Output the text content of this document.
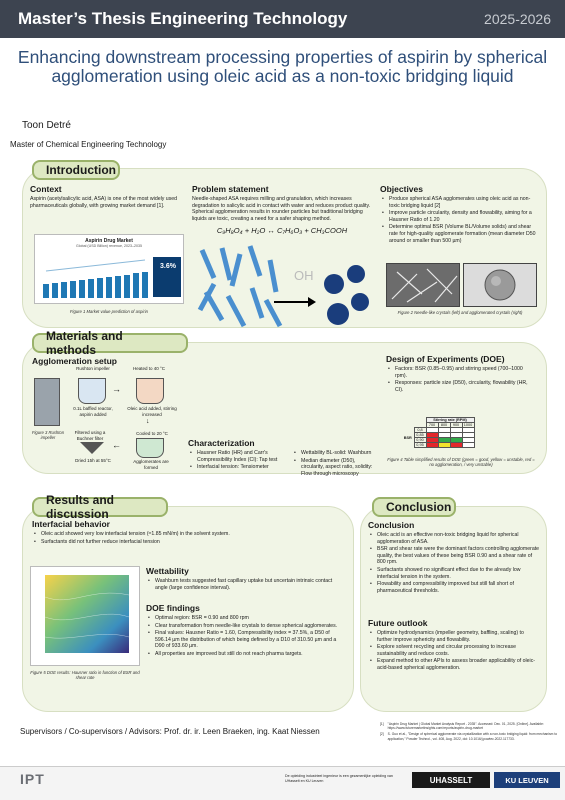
Master’s Thesis Engineering Technology	2025-2026
Enhancing downstream processing properties of aspirin by spherical agglomeration using oleic acid as a non-toxic bridging liquid
Toon Detré
Master of Chemical Engineering Technology
Introduction
Context
Aspirin (acetylsalicylic acid, ASA) is one of the most widely used pharmaceuticals globally, with growing market demand [1].
Aspirin Drug Market
Global (USD Billion) revenue, 2023–2035
3.6%
Figure 1 Market value prediction of aspirin
Problem statement
Needle-shaped ASA requires milling and granulation, which increases degradation to salicylic acid in contact with water and reduces product quality. Spherical agglomeration results in rounder particles but traditional bridging liquids are toxic, creating a need for a safer shaping method.
C₉H₈O₄ + H₂O ↔ C₇H₆O₃ + CH₃COOH
Objectives
• Produce spherical ASA agglomerates using oleic acid as non-toxic bridging liquid [2]
• Improve particle circularity, density and flowability, aiming for a Hausner Ratio of 1.20
• Determine optimal BSR (Volume BL/Volume solids) and shear rate for high-quality agglomerate formation (mean diameter D50 around or smaller than 500 µm)
Figure 2 Needle-like crystals (left) and agglomerated crystals (right)
OH
Materials and methods
Agglomeration setup
Rushton impeller
Figure 3 Rushton impeller
0.1L baffled reactor, aspirin added
→
Heated to 40 °C
Oleic acid added, stirring increased
↓
Cooled to 20 °C
Agglomerates are formed
←
Filtered using a Buchner filter
Dried 15h at 55°C
Characterization
• Hausner Ratio (HR) and Carr's Compressibility Index (CI): Tap test
• Interfacial tension: Tensiometer
• Wettability BL-solid: Washburn
• Median diameter (D50), circularity, aspect ratio, solidity: Flow through microscopy
Design of Experiments (DOE)
• Factors: BSR (0.85–0.95) and stirring speed (700–1000 rpm).
• Responses: particle size (D50), circularity, flowability (HR, CI).
		Stirring rate (RPM)			
		700	800	900	1000
BSR	0,8				
	0,85				
	0,90				
	0,95				
Figure 4 Table simplified results of DOE (green = good, yellow = unstable, red = no agglomeration, / very unstable)
Results and discussion
Interfacial behavior
• Oleic acid showed very low interfacial tension (≈1.85 mN/m) in the solvent system.
• Surfactants did not further reduce interfacial tension
Figure 5 DOE results: Hausner ratio in function of BSR and shear rate
Wettability
• Washburn tests suggested fast capillary uptake but uncertain intrinsic contact angle (large confidence interval).
DOE findings
• Optimal region: BSR = 0.90 and 800 rpm
• Clear transformation from needle-like crystals to dense spherical agglomerates.
• Final values: Hausner Ratio = 1.60, Compressibility index = 37.5%, a D50 of 596.14 µm the distribution of which being defined by a D10 of 310.50 µm and a D90 of 933.60 µm.
• All properties are improved but still do not reach pharma targets.
Conclusion
Conclusion
• Oleic acid is an effective non-toxic bridging liquid for spherical agglomeration of ASA.
• BSR and shear rate were the dominant factors controlling agglomerate quality, the best values of these being BSR 0.90 and a shear rate of 800 rpm.
• Surfactants showed no significant effect due to the already low interfacial tension in the system.
• Flowability and compressibility improved but still fall short of pharmaceutical thresholds.
Future outlook
• Optimize hydrodynamics (impeller geometry, baffling, scaling) to further improve sphericity and flowability.
• Explore solvent recycling and circular processing to increase sustainability and reduce costs.
• Expand method to other APIs to assess broader applicability of oleic-acid-based spherical agglomeration.
Supervisors / Co-supervisors / Advisors: Prof. dr. ir. Leen Braeken, ing. Kaat Niessen
[1] "Aspirin Drug Market | Global Market Analysis Report - 2035". Accessed: Dec. 01, 2025. [Online]. Available: https://www.futuremarketinsights.com/reports/aspirin-drug-market
[2] S. Guo et al., "Design of spherical agglomerate via crystallization with a non-toxic bridging liquid: from mechanism to application," Powder Technol., vol. 408, Aug. 2022, doi: 10.1016/j.powtec.2022.117733.
IPT	De opleiding industrieel ingenieur is een gezamenlijke opleiding van UHasselt en KU Leuven	UHASSELT	KU LEUVEN
